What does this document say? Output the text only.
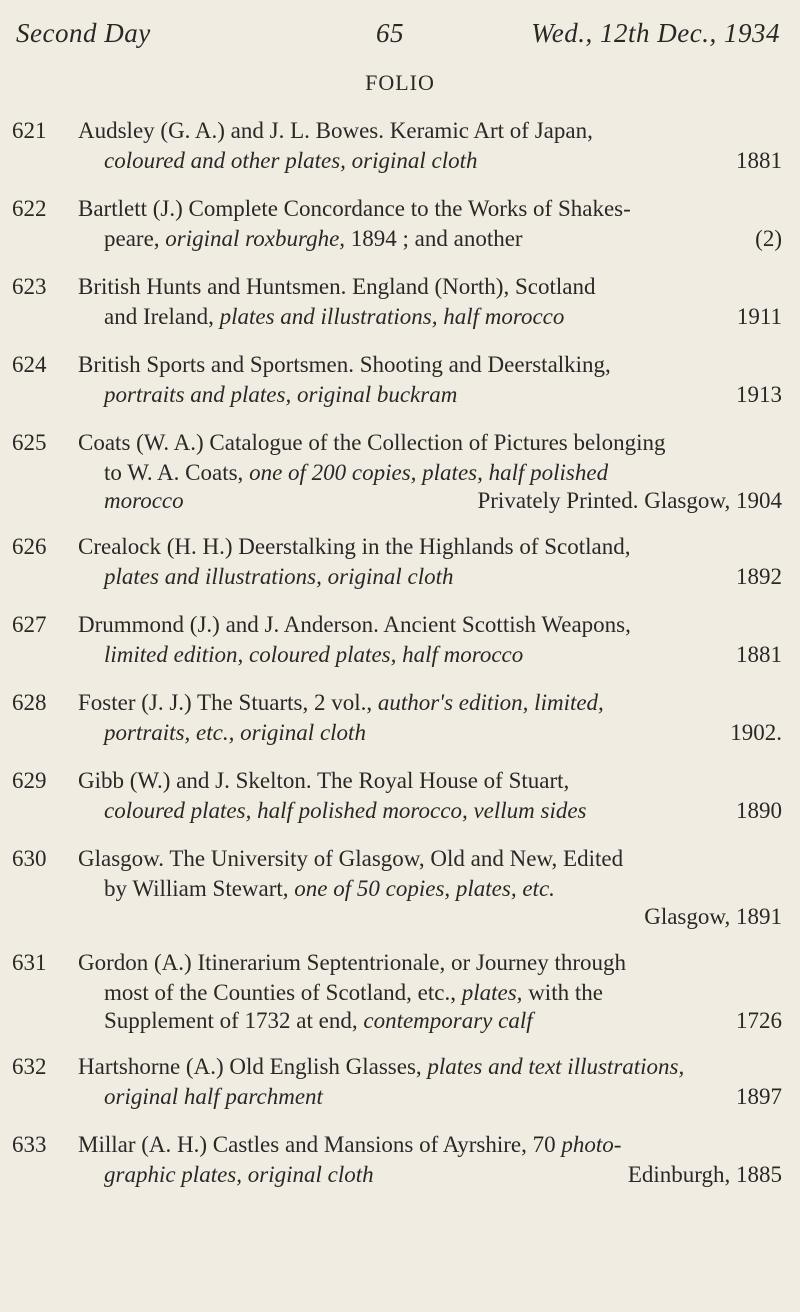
Second Day	65	Wed., 12th Dec., 1934
FOLIO
621 Audsley (G. A.) and J. L. Bowes. Keramic Art of Japan,
coloured and other plates, original cloth	1881
622 Bartlett (J.) Complete Concordance to the Works of Shakes-
peare, original roxburghe, 1894 ; and another	(2)
623 British Hunts and Huntsmen. England (North), Scotland
and Ireland, plates and illustrations, half morocco	1911
624 British Sports and Sportsmen. Shooting and Deerstalking,
portraits and plates, original buckram	1913
625 Coats (W. A.) Catalogue of the Collection of Pictures belonging
to W. A. Coats, one of 200 copies, plates, half polished
morocco	Privately Printed. Glasgow, 1904
626 Crealock (H. H.) Deerstalking in the Highlands of Scotland,
plates and illustrations, original cloth	1892
627 Drummond (J.) and J. Anderson. Ancient Scottish Weapons,
limited edition, coloured plates, half morocco	1881
628 Foster (J. J.) The Stuarts, 2 vol., author's edition, limited,
portraits, etc., original cloth	1902.
629 Gibb (W.) and J. Skelton. The Royal House of Stuart,
coloured plates, half polished morocco, vellum sides	1890
630 Glasgow. The University of Glasgow, Old and New, Edited
by William Stewart, one of 50 copies, plates, etc.
Glasgow, 1891
631 Gordon (A.) Itinerarium Septentrionale, or Journey through
most of the Counties of Scotland, etc., plates, with the
Supplement of 1732 at end, contemporary calf	1726
632 Hartshorne (A.) Old English Glasses, plates and text illustrations,
original half parchment	1897
633 Millar (A. H.) Castles and Mansions of Ayrshire, 70 photo-
graphic plates, original cloth	Edinburgh, 1885
